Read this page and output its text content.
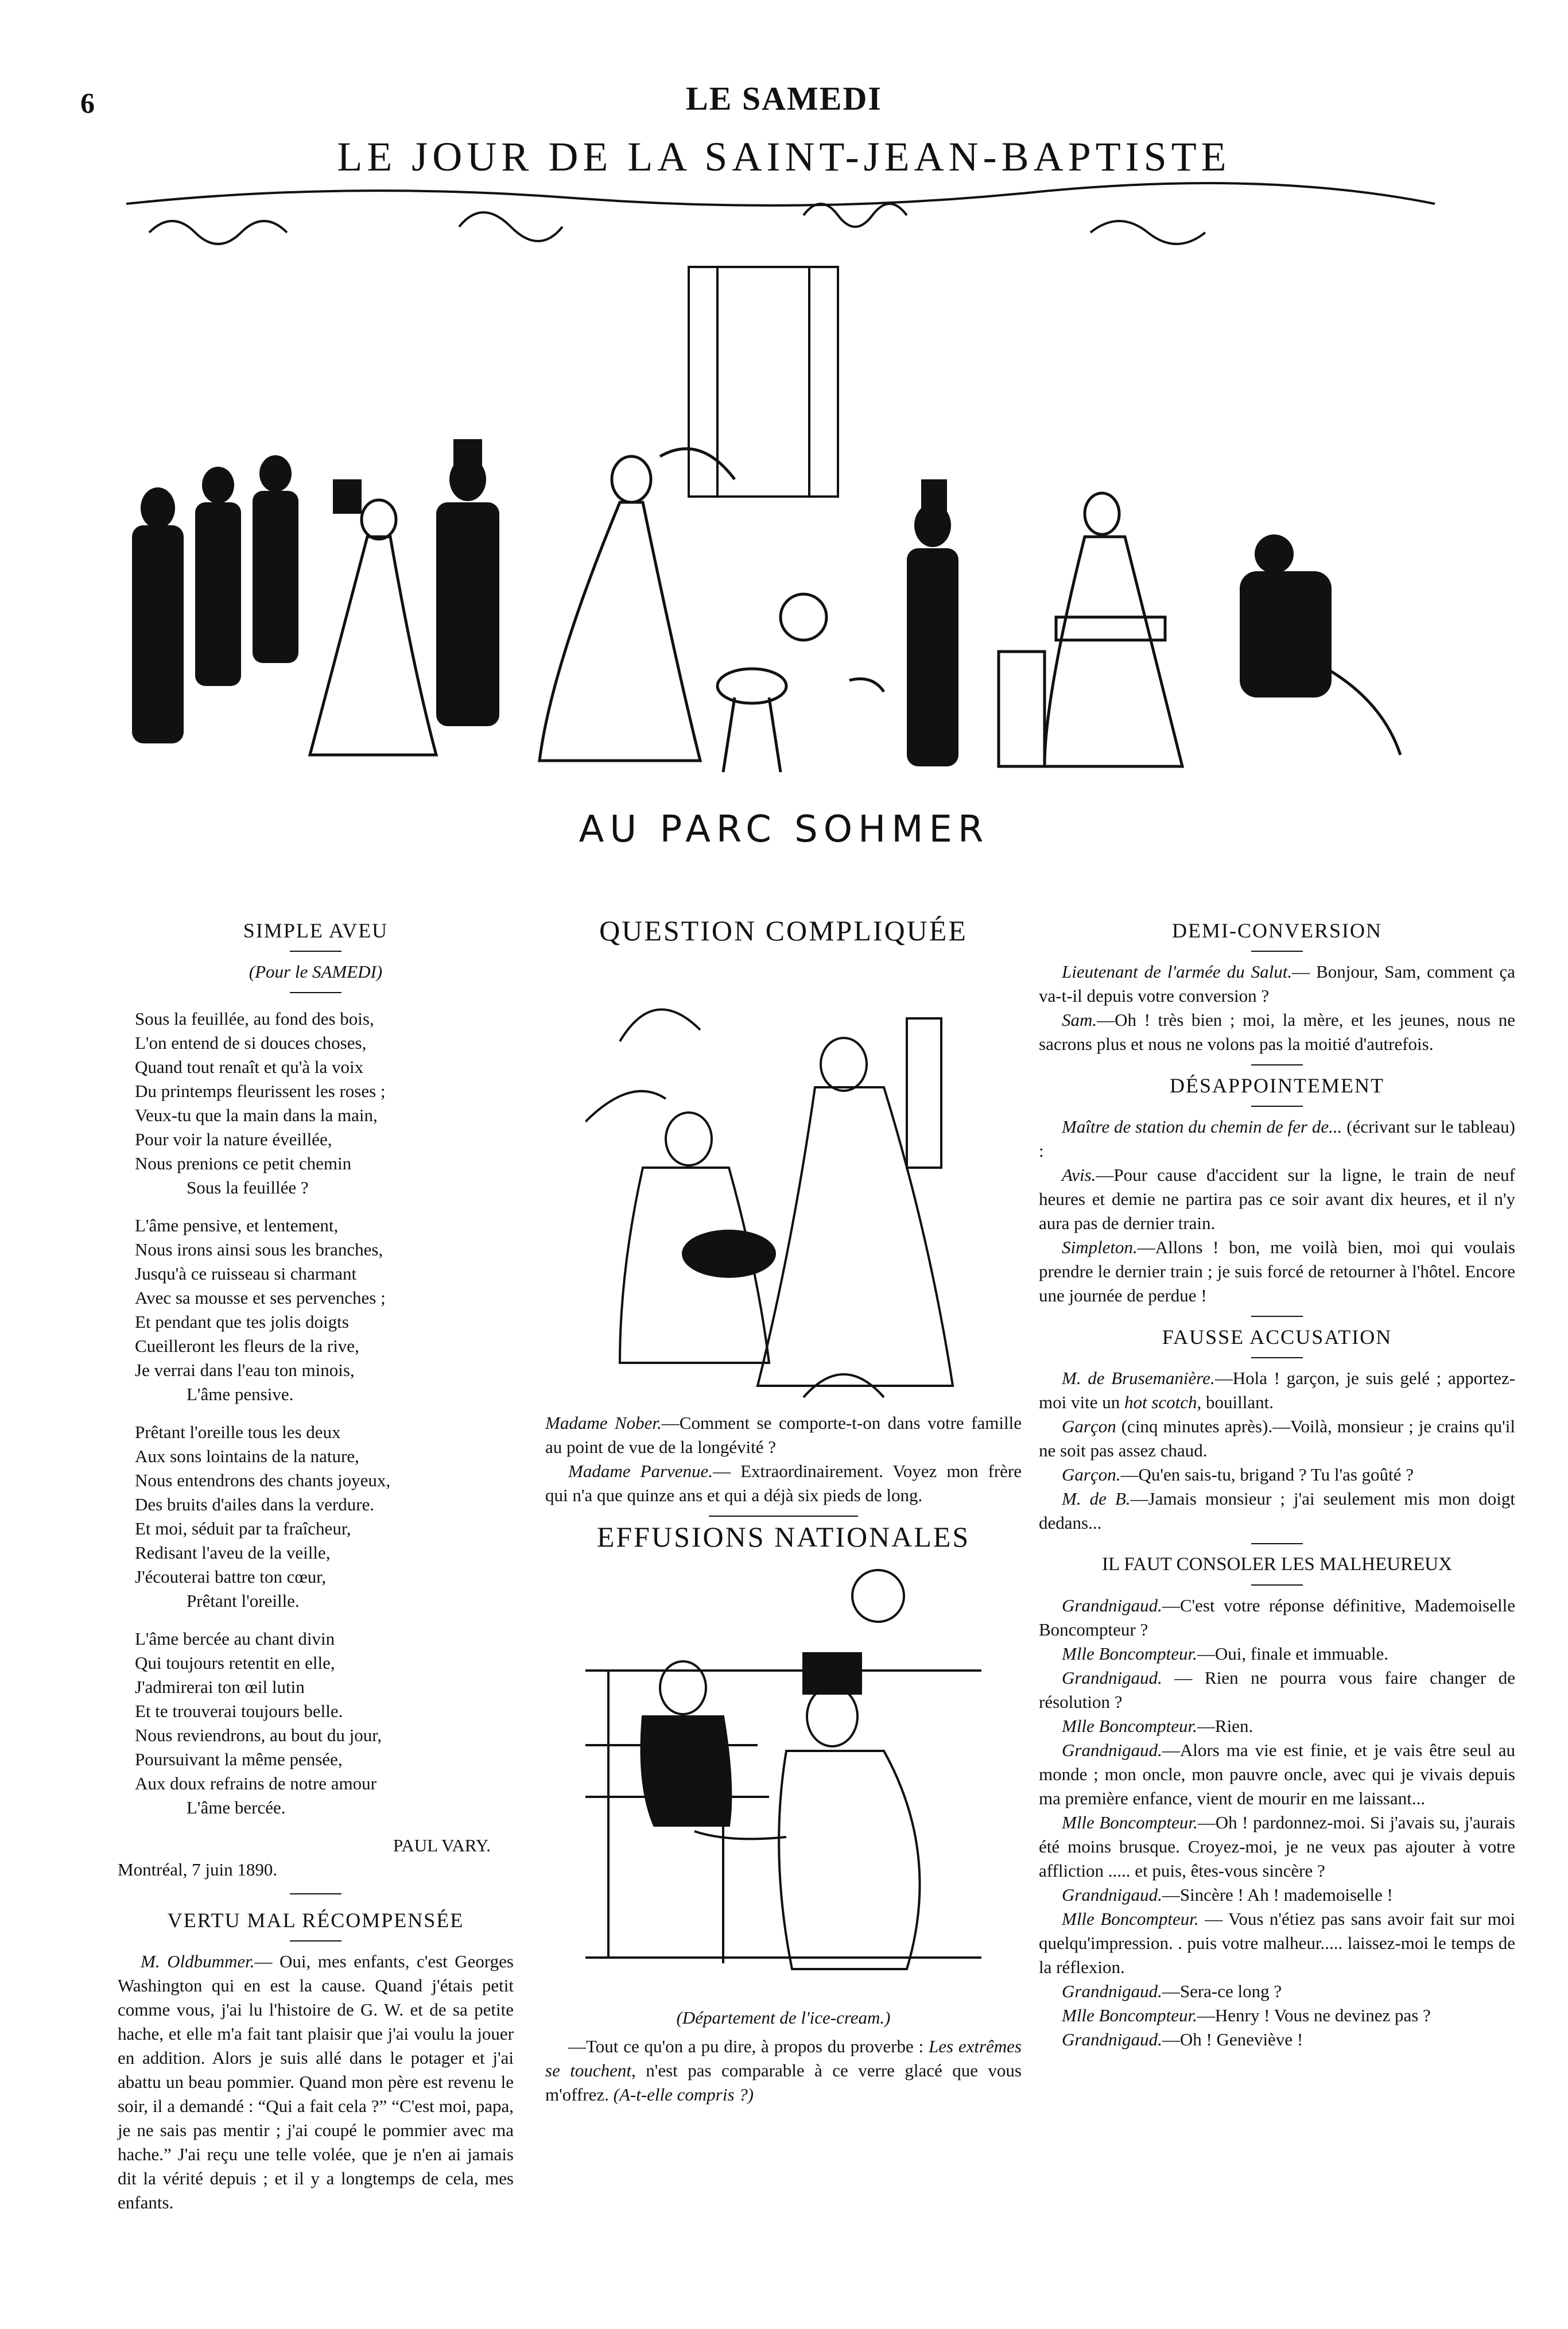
6	LE SAMEDI
LE JOUR DE LA SAINT-JEAN-BAPTISTE
AU PARC SOHMER
SIMPLE AVEU
(Pour le SAMEDI)
Sous la feuillée, au fond des bois,
L'on entend de si douces choses,
Quand tout renaît et qu'à la voix
Du printemps fleurissent les roses ;
Veux-tu que la main dans la main,
Pour voir la nature éveillée,
Nous prenions ce petit chemin
Sous la feuillée ?
L'âme pensive, et lentement,
Nous irons ainsi sous les branches,
Jusqu'à ce ruisseau si charmant
Avec sa mousse et ses pervenches ;
Et pendant que tes jolis doigts
Cueilleront les fleurs de la rive,
Je verrai dans l'eau ton minois,
L'âme pensive.
Prêtant l'oreille tous les deux
Aux sons lointains de la nature,
Nous entendrons des chants joyeux,
Des bruits d'ailes dans la verdure.
Et moi, séduit par ta fraîcheur,
Redisant l'aveu de la veille,
J'écouterai battre ton cœur,
Prêtant l'oreille.
L'âme bercée au chant divin
Qui toujours retentit en elle,
J'admirerai ton œil lutin
Et te trouverai toujours belle.
Nous reviendrons, au bout du jour,
Poursuivant la même pensée,
Aux doux refrains de notre amour
L'âme bercée.
PAUL VARY.
Montréal, 7 juin 1890.
VERTU MAL RÉCOMPENSÉE

M. Oldbummer.— Oui, mes enfants, c'est Georges Washington qui en est la cause. Quand j'étais petit comme vous, j'ai lu l'histoire de G. W. et de sa petite hache, et elle m'a fait tant plaisir que j'ai voulu la jouer en addition. Alors je suis allé dans le potager et j'ai abattu un beau pommier. Quand mon père est revenu le soir, il a demandé : “Qui a fait cela ?” “C'est moi, papa, je ne sais pas mentir ; j'ai coupé le pommier avec ma hache.” J'ai reçu une telle volée, que je n'en ai jamais dit la vérité depuis ; et il y a longtemps de cela, mes enfants.

QUESTION COMPLIQUÉE

Madame Nober.—Comment se comporte-t-on dans votre famille au point de vue de la longévité ?

Madame Parvenue.— Extraordinairement. Voyez mon frère qui n'a que quinze ans et qui a déjà six pieds de long.

EFFUSIONS NATIONALES
(Département de l'ice-cream.)

—Tout ce qu'on a pu dire, à propos du proverbe : Les extrêmes se touchent, n'est pas comparable à ce verre glacé que vous m'offrez. (A-t-elle compris ?)

DEMI-CONVERSION

Lieutenant de l'armée du Salut.— Bonjour, Sam, comment ça va-t-il depuis votre conversion ?

Sam.—Oh ! très bien ; moi, la mère, et les jeunes, nous ne sacrons plus et nous ne volons pas la moitié d'autrefois.

DÉSAPPOINTEMENT

Maître de station du chemin de fer de... (écrivant sur le tableau) :

Avis.—Pour cause d'accident sur la ligne, le train de neuf heures et demie ne partira pas ce soir avant dix heures, et il n'y aura pas de dernier train.

Simpleton.—Allons ! bon, me voilà bien, moi qui voulais prendre le dernier train ; je suis forcé de retourner à l'hôtel. Encore une journée de perdue !

FAUSSE ACCUSATION

M. de Brusemanière.—Hola ! garçon, je suis gelé ; apportez-moi vite un hot scotch, bouillant.

Garçon (cinq minutes après).—Voilà, monsieur ; je crains qu'il ne soit pas assez chaud.

Garçon.—Qu'en sais-tu, brigand ? Tu l'as goûté ?

M. de B.—Jamais monsieur ; j'ai seulement mis mon doigt dedans...

IL FAUT CONSOLER LES MALHEUREUX

Grandnigaud.—C'est votre réponse définitive, Mademoiselle Boncompteur ?

Mlle Boncompteur.—Oui, finale et immuable.

Grandnigaud. — Rien ne pourra vous faire changer de résolution ?

Mlle Boncompteur.—Rien.

Grandnigaud.—Alors ma vie est finie, et je vais être seul au monde ; mon oncle, mon pauvre oncle, avec qui je vivais depuis ma première enfance, vient de mourir en me laissant...

Mlle Boncompteur.—Oh ! pardonnez-moi. Si j'avais su, j'aurais été moins brusque. Croyez-moi, je ne veux pas ajouter à votre affliction ..... et puis, êtes-vous sincère ?

Grandnigaud.—Sincère ! Ah ! mademoiselle !

Mlle Boncompteur. — Vous n'étiez pas sans avoir fait sur moi quelqu'impression. . puis votre malheur..... laissez-moi le temps de la réflexion.

Grandnigaud.—Sera-ce long ?

Mlle Boncompteur.—Henry ! Vous ne devinez pas ?

Grandnigaud.—Oh ! Geneviève !
